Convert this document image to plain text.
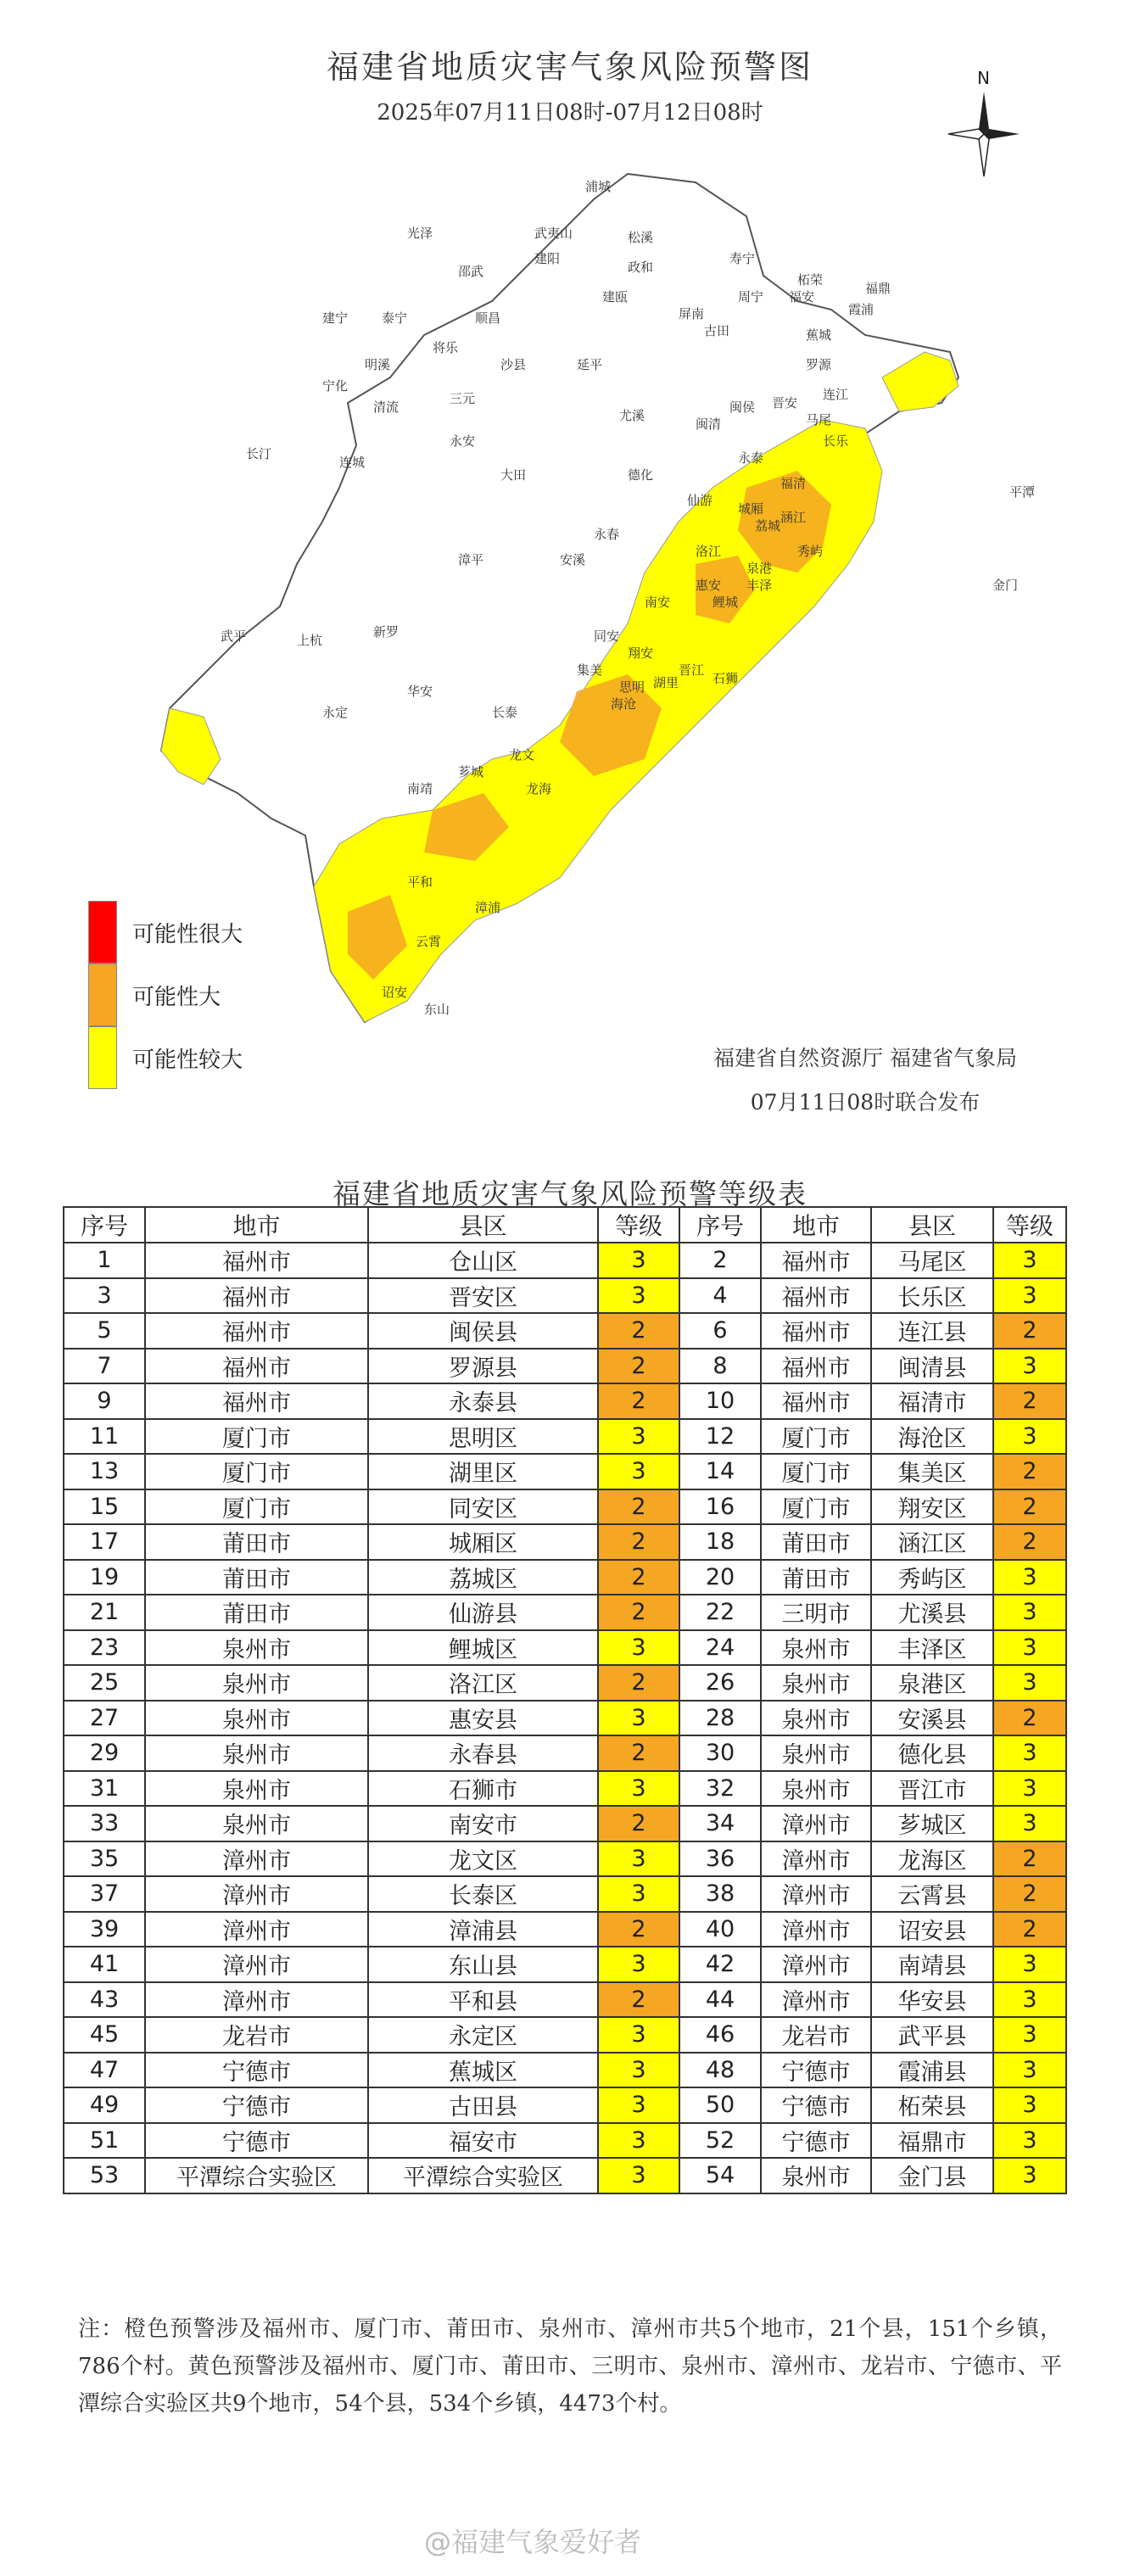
福建省地质灾害气象风险预警图
2025年07月11日08时-07月12日08时
N
浦城
武夷山
光泽	松溪
政和
寿宁
柘荣
福鼎
邵武
建阳
建瓯	周宁 福安
霞浦
建宁	泰宁	顺昌	屏南
蕉城
将乐
古田
罗源
宁化
明溪	沙县	延平
连江
清流
三元
闽清
闽侯 晋安
马尾
长乐
永安
尤溪
永泰
福清
长汀
连城
大田	德化
仙游
城厢
荔城
涵江
秀屿
武平	上杭
新罗
漳平
永春
南安
洛江
泉港
惠安
鲤城
丰泽
永定
华安
安溪
长泰
同安
翔安
集美
思明 湖里
海沧
晋江
石狮
南靖
芗城
龙文
龙海
平和
漳浦
云霄
诏安
东山
平潭
金门
可能性很大
可能性大
可能性较大	福建省自然资源厅 福建省气象局
07月11日08时联合发布
福建省地质灾害气象风险预警等级表
序号	地市	县区	等级	序号	地市	县区	等级
1	福州市	仓山区	3	2	福州市	马尾区	3
3	福州市	晋安区	3	4	福州市	长乐区	3
5	福州市	闽侯县	2	6	福州市	连江县	2
7	福州市	罗源县	2	8	福州市	闽清县	3
9	福州市	永泰县	2	10	福州市	福清市	2
11	厦门市	思明区	3	12	厦门市	海沧区	3
13	厦门市	湖里区	3	14	厦门市	集美区	2
15	厦门市	同安区	2	16	厦门市	翔安区	2
17	莆田市	城厢区	2	18	莆田市	涵江区	2
19	莆田市	荔城区	2	20	莆田市	秀屿区	3
21	莆田市	仙游县	2	22	三明市	尤溪县	3
23	泉州市	鲤城区	3	24	泉州市	丰泽区	3
25	泉州市	洛江区	2	26	泉州市	泉港区	3
27	泉州市	惠安县	3	28	泉州市	安溪县	2
29	泉州市	永春县	2	30	泉州市	德化县	3
31	泉州市	石狮市	3	32	泉州市	晋江市	3
33	泉州市	南安市	2	34	漳州市	芗城区	3
35	漳州市	龙文区	3	36	漳州市	龙海区	2
37	漳州市	长泰区	3	38	漳州市	云霄县	2
39	漳州市	漳浦县	2	40	漳州市	诏安县	2
41	漳州市	东山县	3	42	漳州市	南靖县	3
43	漳州市	平和县	2	44	漳州市	华安县	3
45	龙岩市	永定区	3	46	龙岩市	武平县	3
47	宁德市	蕉城区	3	48	宁德市	霞浦县	3
49	宁德市	古田县	3	50	宁德市	柘荣县	3
51	宁德市	福安市	3	52	宁德市	福鼎市	3
53	平潭综合实验区	平潭综合实验区	3	54	泉州市	金门县	3
注：橙色预警涉及福州市、厦门市、莆田市、泉州市、漳州市共5个地市，21个县，151个乡镇，786个村。黄色预警涉及福州市、厦门市、莆田市、三明市、泉州市、漳州市、龙岩市、宁德市、平潭综合实验区共9个地市，54个县，534个乡镇，4473个村。
@福建气象爱好者
